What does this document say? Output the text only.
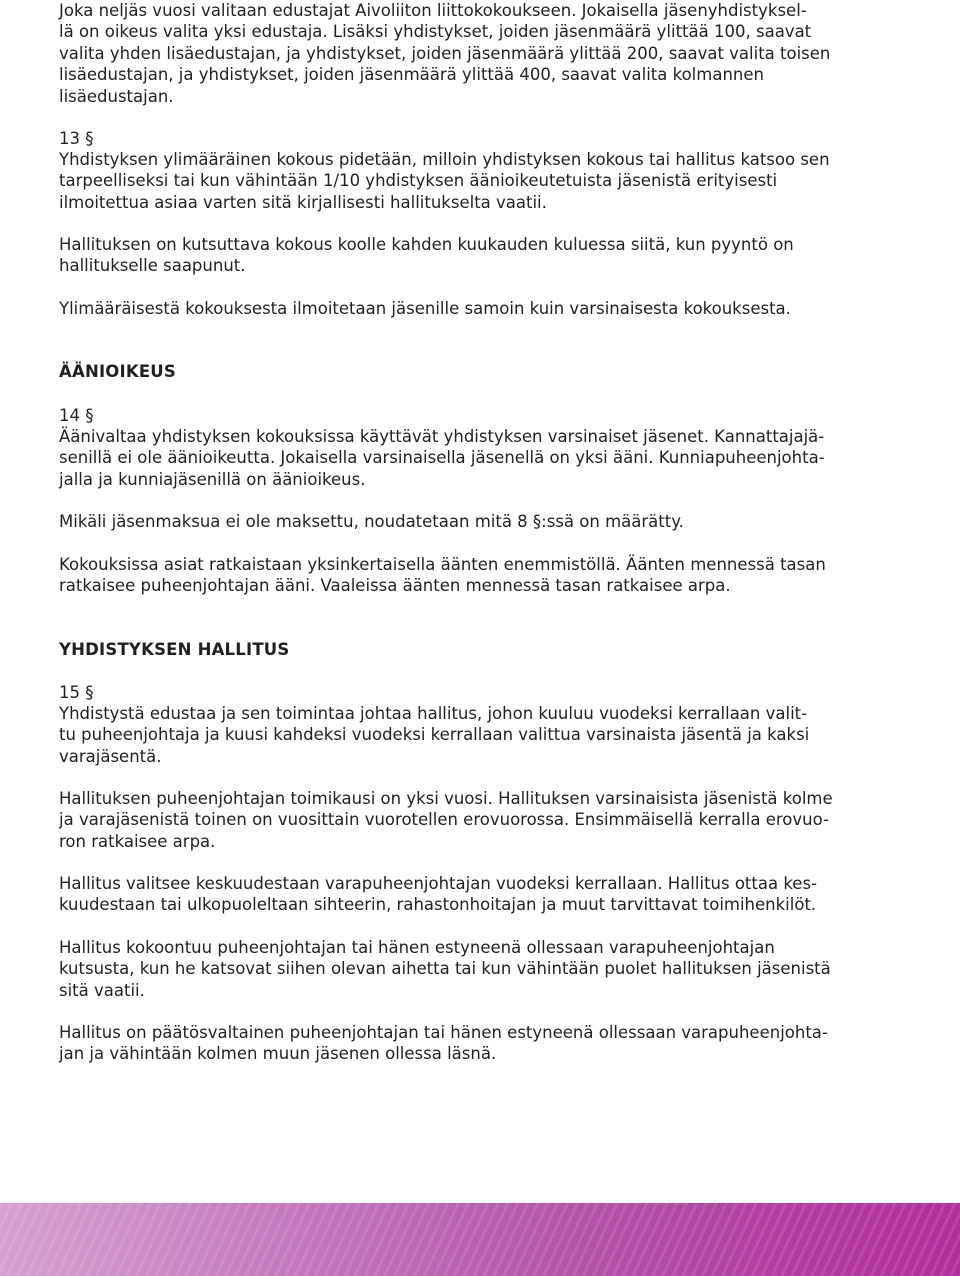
Joka neljäs vuosi valitaan edustajat Aivoliiton liittokokoukseen. Jokaisella jäsenyhdistyksel-
lä on oikeus valita yksi edustaja. Lisäksi yhdistykset, joiden jäsenmäärä ylittää 100, saavat
valita yhden lisäedustajan, ja yhdistykset, joiden jäsenmäärä ylittää 200, saavat valita toisen
lisäedustajan, ja yhdistykset, joiden jäsenmäärä ylittää 400, saavat valita kolmannen
lisäedustajan.

13 §

Yhdistyksen ylimääräinen kokous pidetään, milloin yhdistyksen kokous tai hallitus katsoo sen
tarpeelliseksi tai kun vähintään 1/10 yhdistyksen äänioikeutetuista jäsenistä erityisesti
ilmoitettua asiaa varten sitä kirjallisesti hallitukselta vaatii.

Hallituksen on kutsuttava kokous koolle kahden kuukauden kuluessa siitä, kun pyyntö on
hallitukselle saapunut.

Ylimääräisestä kokouksesta ilmoitetaan jäsenille samoin kuin varsinaisesta kokouksesta.

ÄÄNIOIKEUS

14 §

Äänivaltaa yhdistyksen kokouksissa käyttävät yhdistyksen varsinaiset jäsenet. Kannattajajä-
senillä ei ole äänioikeutta. Jokaisella varsinaisella jäsenellä on yksi ääni. Kunniapuheenjohta-
jalla ja kunniajäsenillä on äänioikeus.

Mikäli jäsenmaksua ei ole maksettu, noudatetaan mitä 8 §:ssä on määrätty.

Kokouksissa asiat ratkaistaan yksinkertaisella äänten enemmistöllä. Äänten mennessä tasan
ratkaisee puheenjohtajan ääni. Vaaleissa äänten mennessä tasan ratkaisee arpa.

YHDISTYKSEN HALLITUS

15 §

Yhdistystä edustaa ja sen toimintaa johtaa hallitus, johon kuuluu vuodeksi kerrallaan valit-
tu puheenjohtaja ja kuusi kahdeksi vuodeksi kerrallaan valittua varsinaista jäsentä ja kaksi
varajäsentä.

Hallituksen puheenjohtajan toimikausi on yksi vuosi. Hallituksen varsinaisista jäsenistä kolme
ja varajäsenistä toinen on vuosittain vuorotellen erovuorossa. Ensimmäisellä kerralla erovuo-
ron ratkaisee arpa.

Hallitus valitsee keskuudestaan varapuheenjohtajan vuodeksi kerrallaan. Hallitus ottaa kes-
kuudestaan tai ulkopuoleltaan sihteerin, rahastonhoitajan ja muut tarvittavat toimihenkilöt.

Hallitus kokoontuu puheenjohtajan tai hänen estyneenä ollessaan varapuheenjohtajan
kutsusta, kun he katsovat siihen olevan aihetta tai kun vähintään puolet hallituksen jäsenistä
sitä vaatii.

Hallitus on päätösvaltainen puheenjohtajan tai hänen estyneenä ollessaan varapuheenjohta-
jan ja vähintään kolmen muun jäsenen ollessa läsnä.
